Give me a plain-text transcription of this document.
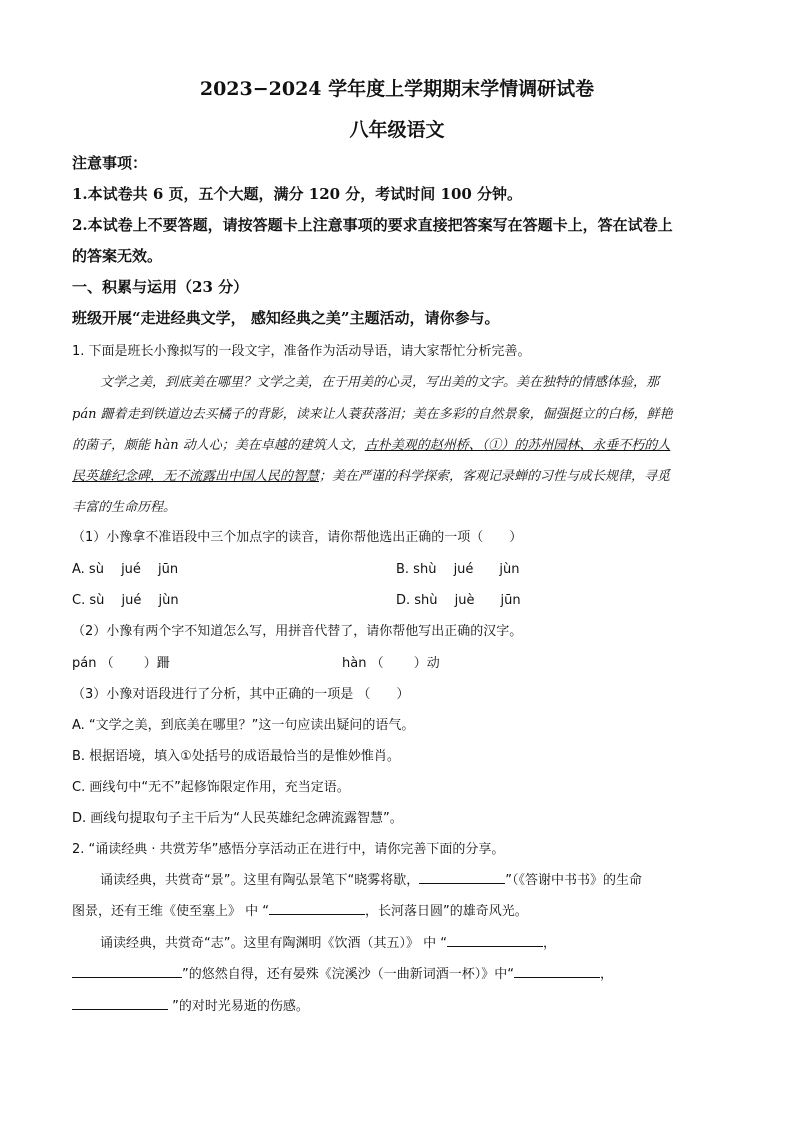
2023−2024 学年度上学期期末学情调研试卷
八年级语文
注意事项：
1.本试卷共 6 页，五个大题，满分 120 分，考试时间 100 分钟。
2.本试卷上不要答题，请按答题卡上注意事项的要求直接把答案写在答题卡上，答在试卷上
的答案无效。
一、积累与运用（23 分）
班级开展“走进经典文学， 感知经典之美”主题活动，请你参与。
1. 下面是班长小豫拟写的一段文字，准备作为活动导语，请大家帮忙分析完善。
文学之美，到底美在哪里？文学之美，在于用美的心灵，写出美的文字。美在独特的情感体验，那
pán 跚着走到铁道边去买橘子的背影，读来让人蓑获落泪；美在多彩的自然景象，倔强挺立的白杨，鲜艳
的菌子，颇能 hàn 动人心；美在卓越的建筑人文，古朴美观的赵州桥、（①）的苏州园林、永垂不朽的人
民英雄纪念碑，无不流露出中国人民的智慧；美在严谨的科学探索，客观记录蝉的习性与成长规律，寻觅
丰富的生命历程。
（1）小豫拿不准语段中三个加点字的读音，请你帮他选出正确的一项（　　）
A. sù　 jué　 jūn	B. shù　 jué　　jùn
C. sù　 jué　 jùn	D. shù　 juè　　jūn
（2）小豫有两个字不知道怎么写，用拼音代替了，请你帮他写出正确的汉字。
pán （　　 ）跚	hàn （　　 ）动
（3）小豫对语段进行了分析，其中正确的一项是 （　　）
A. “文学之美，到底美在哪里？”这一句应读出疑问的语气。
B. 根据语境，填入①处括号的成语最恰当的是惟妙惟肖。
C. 画线句中“无不”起修饰限定作用，充当定语。
D. 画线句提取句子主干后为“人民英雄纪念碑流露智慧”。
2. “诵读经典 · 共赏芳华”感悟分享活动正在进行中，请你完善下面的分享。
诵读经典，共赏奇“景”。这里有陶弘景笔下“晓雾将歇，	”（《答谢中书书》的生命
图景，还有王维《使至塞上》 中 “	，长河落日圆”的雄奇风光。
诵读经典，共赏奇“志”。这里有陶渊明《饮酒（其五）》 中 “	，
”的悠然自得，还有晏殊《浣溪沙（一曲新词酒一杯）》中“	，
”的对时光易逝的伤感。
